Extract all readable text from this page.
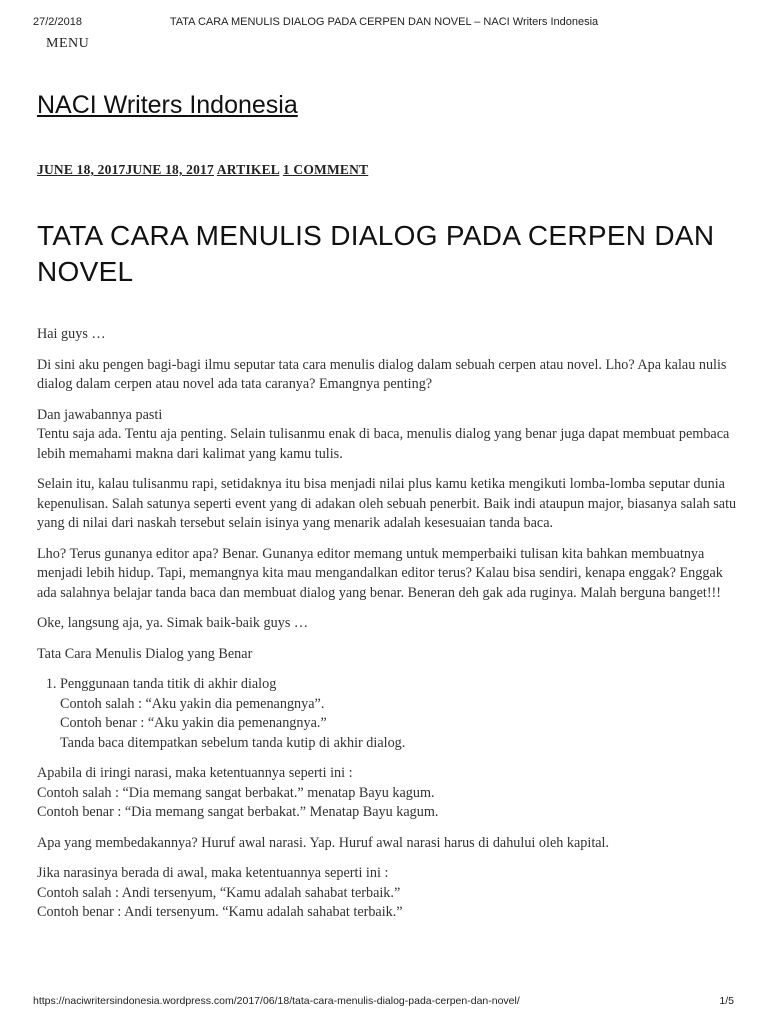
27/2/2018	TATA CARA MENULIS DIALOG PADA CERPEN DAN NOVEL – NACI Writers Indonesia
MENU
NACI Writers Indonesia
JUNE 18, 2017JUNE 18, 2017 ARTIKEL 1 COMMENT
TATA CARA MENULIS DIALOG PADA CERPEN DAN NOVEL

Hai guys …

Di sini aku pengen bagi-bagi ilmu seputar tata cara menulis dialog dalam sebuah cerpen atau novel. Lho? Apa kalau nulis dialog dalam cerpen atau novel ada tata caranya? Emangnya penting?

Dan jawabannya pasti
Tentu saja ada. Tentu aja penting. Selain tulisanmu enak di baca, menulis dialog yang benar juga dapat membuat pembaca lebih memahami makna dari kalimat yang kamu tulis.

Selain itu, kalau tulisanmu rapi, setidaknya itu bisa menjadi nilai plus kamu ketika mengikuti lomba-lomba seputar dunia kepenulisan. Salah satunya seperti event yang di adakan oleh sebuah penerbit. Baik indi ataupun major, biasanya salah satu yang di nilai dari naskah tersebut selain isinya yang menarik adalah kesesuaian tanda baca.

Lho? Terus gunanya editor apa? Benar. Gunanya editor memang untuk memperbaiki tulisan kita bahkan membuatnya menjadi lebih hidup. Tapi, memangnya kita mau mengandalkan editor terus? Kalau bisa sendiri, kenapa enggak? Enggak ada salahnya belajar tanda baca dan membuat dialog yang benar. Beneran deh gak ada ruginya. Malah berguna banget!!!

Oke, langsung aja, ya. Simak baik-baik guys …

Tata Cara Menulis Dialog yang Benar

1. Penggunaan tanda titik di akhir dialog
Contoh salah : “Aku yakin dia pemenangnya”.
Contoh benar : “Aku yakin dia pemenangnya.”
Tanda baca ditempatkan sebelum tanda kutip di akhir dialog.

Apabila di iringi narasi, maka ketentuannya seperti ini :
Contoh salah : “Dia memang sangat berbakat.” menatap Bayu kagum.
Contoh benar : “Dia memang sangat berbakat.” Menatap Bayu kagum.

Apa yang membedakannya? Huruf awal narasi. Yap. Huruf awal narasi harus di dahului oleh kapital.

Jika narasinya berada di awal, maka ketentuannya seperti ini :
Contoh salah : Andi tersenyum, “Kamu adalah sahabat terbaik.”
Contoh benar : Andi tersenyum. “Kamu adalah sahabat terbaik.”

https://naciwritersindonesia.wordpress.com/2017/06/18/tata-cara-menulis-dialog-pada-cerpen-dan-novel/	1/5
